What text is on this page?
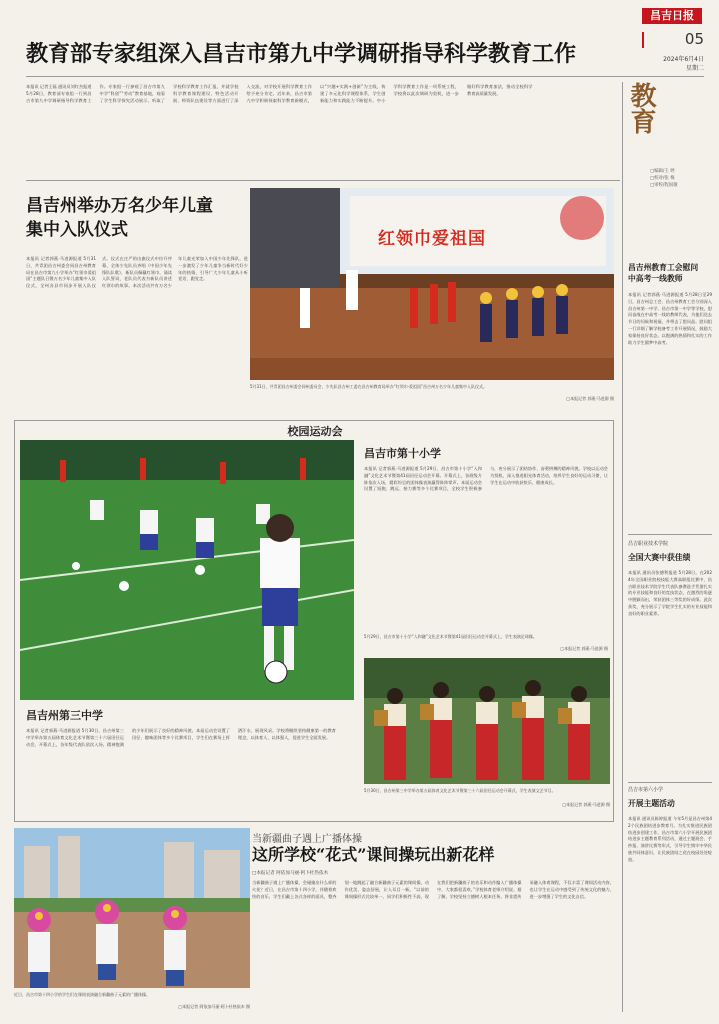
昌吉日报
05
2024年6月4日
星期二
教育部专家组深入昌吉市第九中学调研指导科学教育工作
本报讯 记者王磊 通讯员刘红杰报道 5月28日，教育部专家组一行到昌吉市第九中学调研指导科学教育工作。专家组一行参观了昌吉市第九中学“科创”“劳动”教育基地，观看了学生科学探究活动展示，听取了学校科学教育工作汇报，并就学校科学教育课程建设、特色活动开展、师资队伍建设等方面进行了深入交流，对学校开展科学教育工作给予充分肯定。近年来，昌吉市第九中学积极探索科学教育新模式，以“兴趣+实践+创新”为主线，构建了多元化科学课程体系，学生创新能力和实践能力不断提升。中小学科学教育工作是一项系统工程，学校将以此次调研为契机，进一步做好科学教育加法，推动全校科学教育高质量发展。	教育
□编辑/王 婷
□校对/张 梅
□审校/程国敏
昌吉州举办万名少年儿童
集中入队仪式
本报讯 记者郭燕·马进源报道 5月31日，共青团昌吉州委会同昌吉州教育局在昌吉市第九小学举办“红领巾爱祖国”主题队日暨万名少年儿童集中入队仪式，全州各县市同步开展入队仪式。仪式在庄严的出旗仪式中拉开序幕，全体少先队员齐唱《中国少年先锋队队歌》，新队员佩戴红领巾、诵读入队誓词，老队员代表为新队员讲述红领巾的故事。本次活动共有万名少年儿童光荣加入中国少年先锋队，进一步激发了少年儿童争当新时代好少年的热情，引导广大少年儿童从小听党话、跟党走。
红领巾爱祖国
5月31日，共青团昌吉州委会同州委员会，少先队昌吉州工委在昌吉州教育局举办“红领巾·爱祖国”昌吉州万名少年儿童集中入队仪式。
□本报记者 郭燕·马进源 摄
校园运动会
昌吉市第十小学
本报讯 记者郭燕·马进源报道 5月29日，昌吉市第十小学“入和融”文化艺术节暨第41届田径运动会开幕。开幕式上，各班级方阵依次入场，精彩纷呈的团体操表演赢得阵阵掌声。本届运动会设置了短跑、跳远、接力赛等多个比赛项目，全校学生积极参与，充分展示了团结协作、奋勇拼搏的精神风貌。学校以运动会为契机，深入推进阳光体育活动，培养学生良好的运动习惯，让学生在运动中收获快乐、健康成长。
5月29日，昌吉市第十小学“入和融”文化艺术节暨第41届田径运动会开幕式上，学生表演足球操。
□本报记者 郭燕·马进源 摄
昌吉州第三中学
本报讯 记者郭燕·马进源报道 5月30日，昌吉州第三中学举办第五届体育文化艺术节暨第三十六届田径运动会。开幕式上，各年级代表队依次入场，精神饱满的少年们展示了良好的精神风貌。本届运动会设置了田径、趣味团体等多个比赛项目，学生们在赛场上挥洒汗水、展现风采。学校将继续坚持健康第一的教育理念，以体育人、以体强人，促进学生全面发展。
5月30日，昌吉州第三中学举办第五届体育文化艺术节暨第三十六届田径运动会开幕式，学生表演文艺节目。
□本报记者 郭燕·马进源 摄
昌吉州教育工会慰问
中高考一线教师
本报讯 记者郭燕·马进源报道 5月28日至29日，昌吉州总工会、昌吉州教育工会分别深入昌吉州第一中学、昌吉市第一中学等学校，慰问奋战在中高考一线的教师代表，为他们送去节日的问候和祝福，并带去了慰问品。慰问组一行详细了解学校备考工作开展情况，鼓励大家保持良好状态，以饱满的热情和扎实的工作助力学生圆梦中高考。
昌吉职业技术学院
全国大赛中获佳绩
本报讯 通讯员张德利报道 5月28日，在2024年全国职业院校技能大赛高职组比赛中，昌吉职业技术学院学生代表队参赛选手凭借扎实的专业技能和良好的竞技状态，在激烈的角逐中脱颖而出，荣获团体三等奖的好成绩。此次获奖，充分展示了学院学生扎实的专业技能和良好的职业素养。
昌吉市第六小学
开展主题活动
本报讯 通讯员陈婷报道 今年5月是昌吉州第42个民族团结进步教育月。为扎实推进民族团结进步创建工作，昌吉市第六小学开展民族团结进步主题教育系列活动，通过主题班会、手抄报、演讲比赛等形式，引导学生铸牢中华民族共同体意识，让民族团结之花在校园处处绽放。
近日，昌吉市第十四小学的学生们在课间表演融合新疆曲子元素的广播体操。
□本报记者 阿依加马丽·阿卜杜热依木 摄
当新疆曲子遇上广播体操
这所学校“花式”课间操玩出新花样
□本报记者 阿依加马丽·阿卜杜热依木
当新疆曲子遇上广播体操，会碰撞出什么样的火花？近日，在昌吉市第十四小学，伴随着欢快的音乐，学生们戴上各式各样的面具，整齐划一地跳起了融合新疆曲子元素的课间操，动作优美、姿态舒展，让人耳目一新。“以前的课间操形式比较单一，同学们积极性不高，现在我们把新疆曲子的音乐和动作编入广播体操中，大家都很喜欢。”学校体育老师介绍说。据了解，学校坚持立德树人根本任务，将非遗传承融入体育课程，不仅丰富了课间活动内容，也让学生在运动中感受到了传统文化的魅力，进一步增强了学生的文化自信。
